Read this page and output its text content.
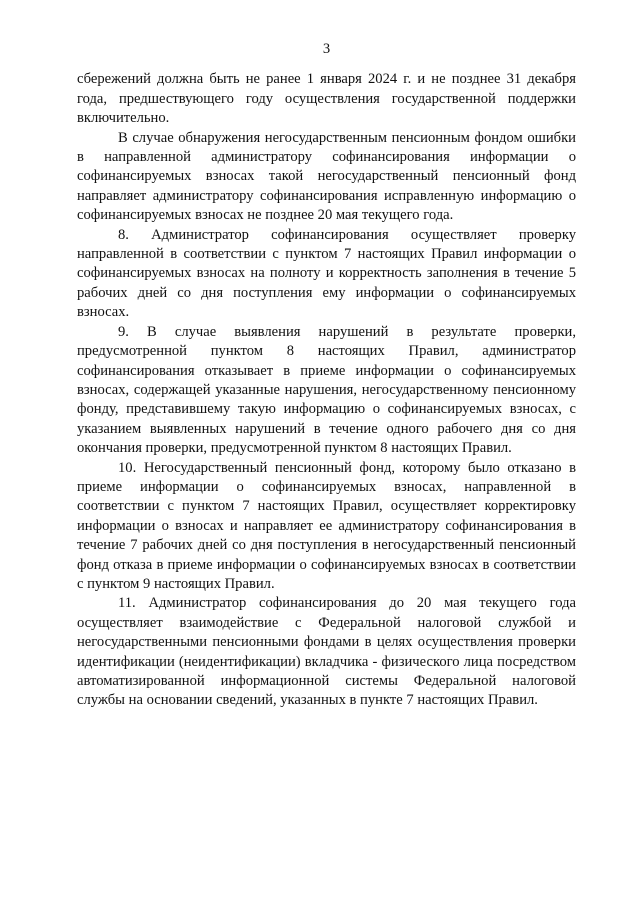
3

сбережений должна быть не ранее 1 января 2024 г. и не позднее 31 декабря года, предшествующего году осуществления государственной поддержки включительно.

В случае обнаружения негосударственным пенсионным фондом ошибки в направленной администратору софинансирования информации о софинансируемых взносах такой негосударственный пенсионный фонд направляет администратору софинансирования исправленную информацию о софинансируемых взносах не позднее 20 мая текущего года.

8. Администратор софинансирования осуществляет проверку направленной в соответствии с пунктом 7 настоящих Правил информации о софинансируемых взносах на полноту и корректность заполнения в течение 5 рабочих дней со дня поступления ему информации о софинансируемых взносах.

9. В случае выявления нарушений в результате проверки, предусмотренной пунктом 8 настоящих Правил, администратор софинансирования отказывает в приеме информации о софинансируемых взносах, содержащей указанные нарушения, негосударственному пенсионному фонду, представившему такую информацию о софинансируемых взносах, с указанием выявленных нарушений в течение одного рабочего дня со дня окончания проверки, предусмотренной пунктом 8 настоящих Правил.

10. Негосударственный пенсионный фонд, которому было отказано в приеме информации о софинансируемых взносах, направленной в соответствии с пунктом 7 настоящих Правил, осуществляет корректировку информации о взносах и направляет ее администратору софинансирования в течение 7 рабочих дней со дня поступления в негосударственный пенсионный фонд отказа в приеме информации о софинансируемых взносах в соответствии с пунктом 9 настоящих Правил.

11. Администратор софинансирования до 20 мая текущего года осуществляет взаимодействие с Федеральной налоговой службой и негосударственными пенсионными фондами в целях осуществления проверки идентификации (неидентификации) вкладчика - физического лица посредством автоматизированной информационной системы Федеральной налоговой службы на основании сведений, указанных в пункте 7 настоящих Правил.
